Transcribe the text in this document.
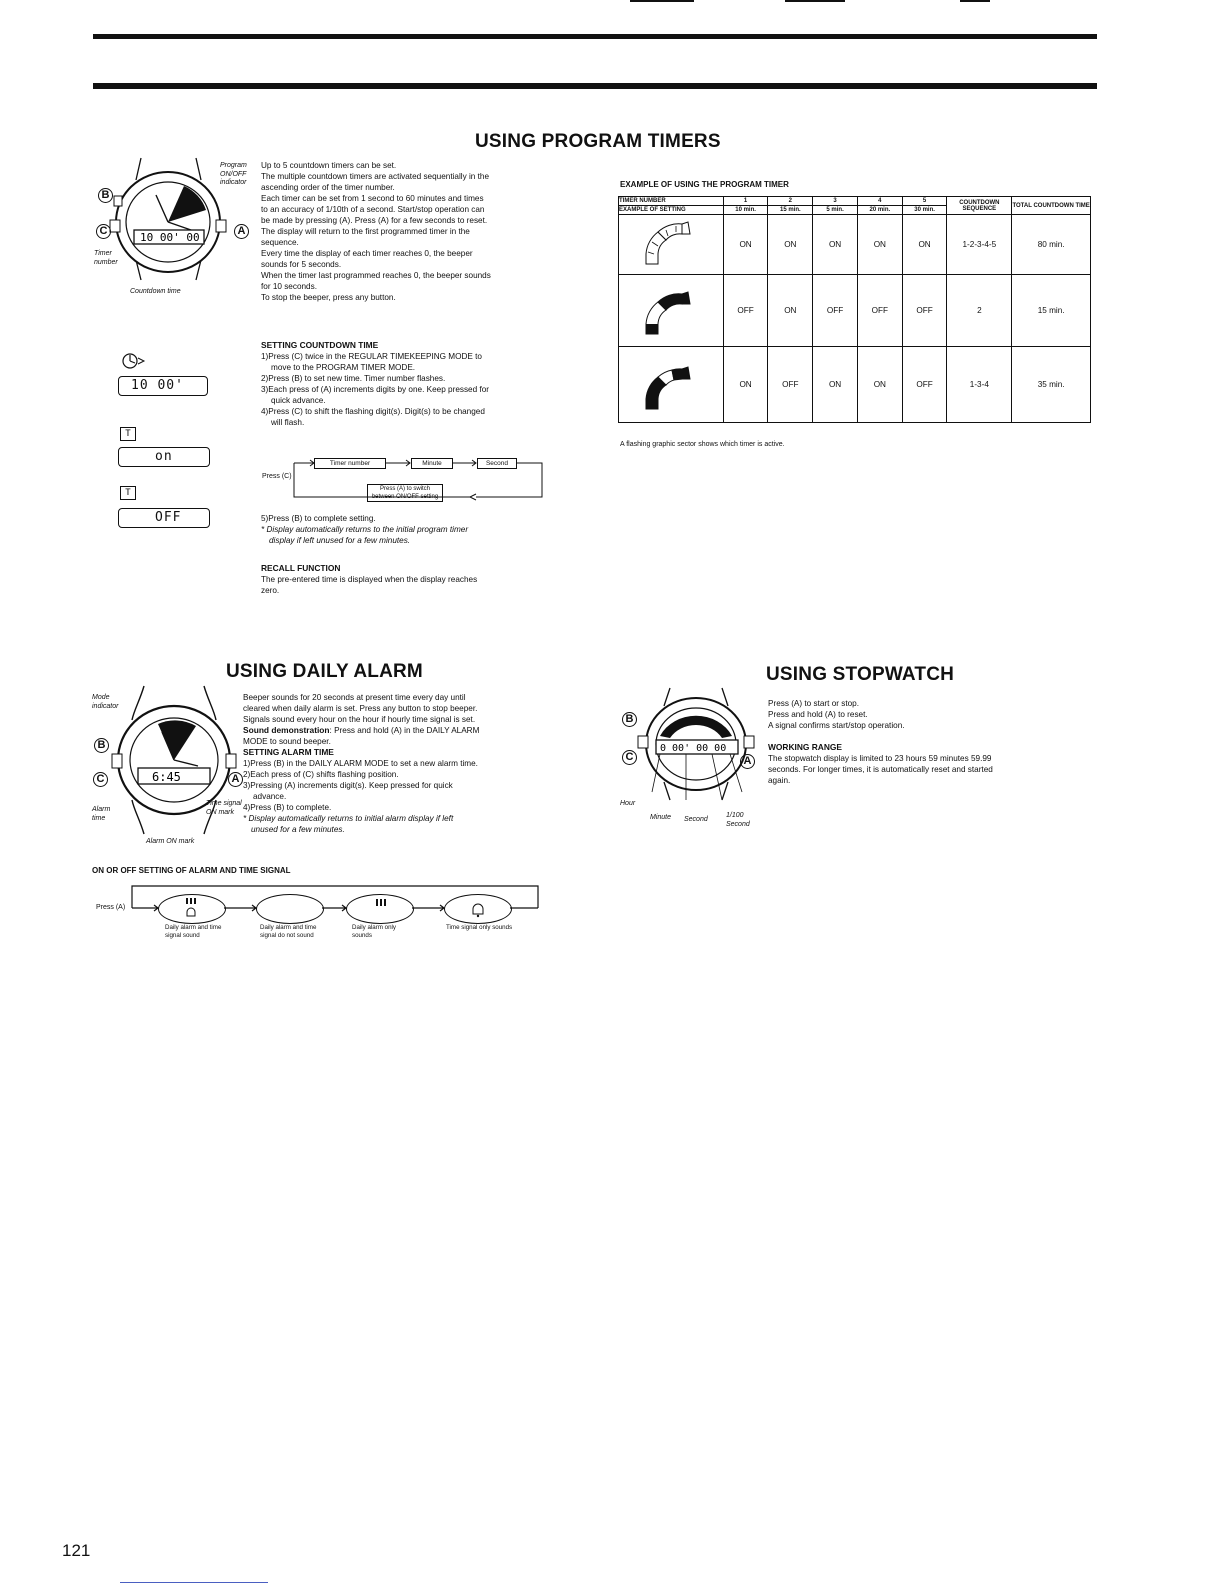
USING PROGRAM TIMERS
10 00' 00
B
C	A
Program ON/OFF indicator
Timer number
Countdown time

Up to 5 countdown timers can be set.

The multiple countdown timers are activated sequentially in the

ascending order of the timer number.

Each timer can be set from 1 second to 60 minutes and times

to an accuracy of 1/10th of a second. Start/stop operation can

be made by pressing (A). Press (A) for a few seconds to reset.

The display will return to the first programmed timer in the

sequence.

Every time the display of each timer reaches 0, the beeper

sounds for 5 seconds.

When the timer last programmed reaches 0, the beeper sounds

for 10 seconds.

To stop the beeper, press any button.

SETTING COUNTDOWN TIME

1)Press (C) twice in the REGULAR TIMEKEEPING MODE to

move to the PROGRAM TIMER MODE.

2)Press (B) to set new time. Timer number flashes.

3)Each press of (A) increments digits by one. Keep pressed for

quick advance.

4)Press (C) to shift the flashing digit(s). Digit(s) to be changed

will flash.

10 00'
T
on
T
OFF
Press (C)
Timer number	Minute	Second
Press (A) to switch between ON/OFF setting

5)Press (B) to complete setting.

* Display automatically returns to the initial program timer

display if left unused for a few minutes.

RECALL FUNCTION

The pre-entered time is displayed when the display reaches

zero.

EXAMPLE OF USING THE PROGRAM TIMER
TIMER NUMBER	1	2	3	4	5	COUNTDOWN SEQUENCE	TOTAL COUNTDOWN TIME
EXAMPLE OF SETTING	10 min.	15 min.	5 min.	20 min.	30 min.		
	ON	ON	ON	ON	ON	1-2-3-4-5	80 min.
	OFF	ON	OFF	OFF	OFF	2	15 min.
	ON	OFF	ON	ON	OFF	1-3-4	35 min.
A flashing graphic sector shows which timer is active.
USING DAILY ALARM
6:45
B
C	A
Mode indicator
Alarm time
Time signal ON mark
Alarm ON mark

Beeper sounds for 20 seconds at present time every day until

cleared when daily alarm is set. Press any button to stop beeper.

Signals sound every hour on the hour if hourly time signal is set.

Sound demonstration: Press and hold (A) in the DAILY ALARM

MODE to sound beeper.

SETTING ALARM TIME

1)Press (B) in the DAILY ALARM MODE to set a new alarm time.

2)Each press of (C) shifts flashing position.

3)Pressing (A) increments digit(s). Keep pressed for quick

advance.

4)Press (B) to complete.

* Display automatically returns to initial alarm display if left

unused for a few minutes.

ON OR OFF SETTING OF ALARM AND TIME SIGNAL
Press (A)
Daily alarm and time signal sound
Daily alarm and time signal do not sound
Daily alarm only sounds
Time signal only sounds
USING STOPWATCH
0 00' 00 00
B
C	A
Hour
Minute Second
1/100 Second

Press (A) to start or stop.

Press and hold (A) to reset.

A signal confirms start/stop operation.

WORKING RANGE

The stopwatch display is limited to 23 hours 59 minutes 59.99

seconds. For longer times, it is automatically reset and started

again.

121
